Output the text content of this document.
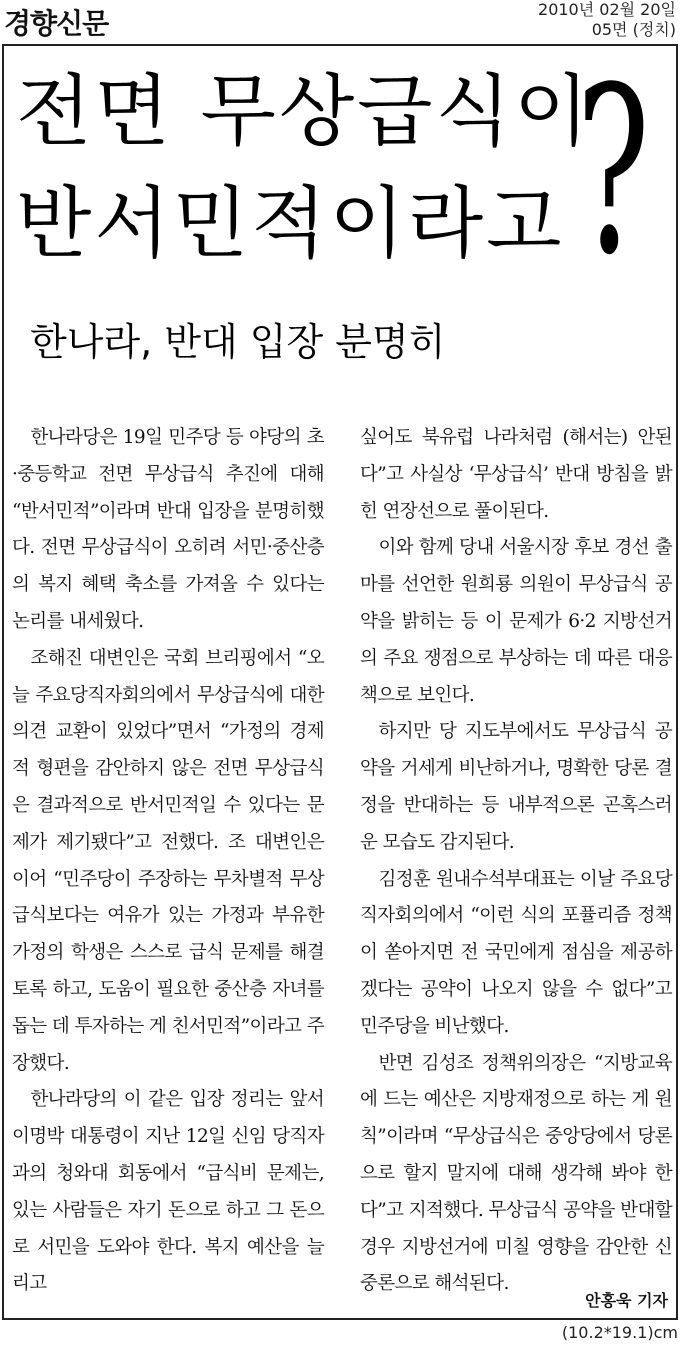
경향신문	2010년 02월 20일
05면 (정치)
전면 무상급식이
반서민적이라고 ?
한나라, 반대 입장 분명히

한나라당은 19일 민주당 등 야당의 초·중등학교 전면 무상급식 추진에 대해 “반서민적”이라며 반대 입장을 분명히했다. 전면 무상급식이 오히려 서민·중산층의 복지 혜택 축소를 가져올 수 있다는 논리를 내세웠다.

조해진 대변인은 국회 브리핑에서 “오늘 주요당직자회의에서 무상급식에 대한 의견 교환이 있었다”면서 “가정의 경제적 형편을 감안하지 않은 전면 무상급식은 결과적으로 반서민적일 수 있다는 문제가 제기됐다”고 전했다. 조 대변인은 이어 “민주당이 주장하는 무차별적 무상급식보다는 여유가 있는 가정과 부유한 가정의 학생은 스스로 급식 문제를 해결토록 하고, 도움이 필요한 중산층 자녀를 돕는 데 투자하는 게 친서민적”이라고 주장했다.

한나라당의 이 같은 입장 정리는 앞서 이명박 대통령이 지난 12일 신임 당직자과의 청와대 회동에서 “급식비 문제는, 있는 사람들은 자기 돈으로 하고 그 돈으로 서민을 도와야 한다. 복지 예산을 늘리고

싶어도 북유럽 나라처럼 (해서는) 안된다”고 사실상 ‘무상급식’ 반대 방침을 밝힌 연장선으로 풀이된다.

이와 함께 당내 서울시장 후보 경선 출마를 선언한 원희룡 의원이 무상급식 공약을 밝히는 등 이 문제가 6·2 지방선거의 주요 쟁점으로 부상하는 데 따른 대응책으로 보인다.

하지만 당 지도부에서도 무상급식 공약을 거세게 비난하거나, 명확한 당론 결정을 반대하는 등 내부적으론 곤혹스러운 모습도 감지된다.

김정훈 원내수석부대표는 이날 주요당직자회의에서 “이런 식의 포퓰리즘 정책이 쏟아지면 전 국민에게 점심을 제공하겠다는 공약이 나오지 않을 수 없다”고 민주당을 비난했다.

반면 김성조 정책위의장은 “지방교육에 드는 예산은 지방재정으로 하는 게 원칙”이라며 “무상급식은 중앙당에서 당론으로 할지 말지에 대해 생각해 봐야 한다”고 지적했다. 무상급식 공약을 반대할 경우 지방선거에 미칠 영향을 감안한 신중론으로 해석된다.

안홍욱 기자
(10.2*19.1)cm
